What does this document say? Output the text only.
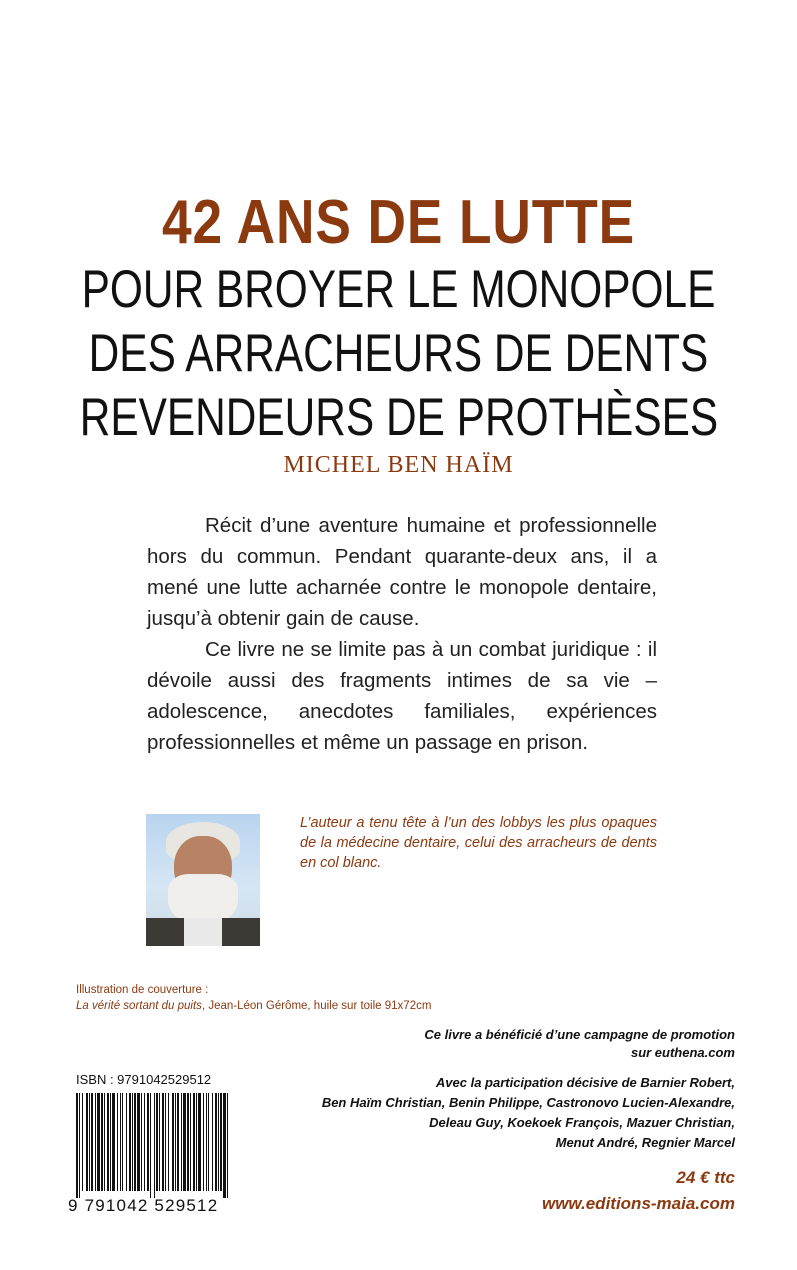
42 ANS DE LUTTE
POUR BROYER LE MONOPOLE
DES ARRACHEURS DE DENTS
REVENDEURS DE PROTHÈSES
MICHEL BEN HAÏM

Récit d’une aventure humaine et professionnelle hors du commun. Pendant quarante-deux ans, il a mené une lutte acharnée contre le monopole dentaire, jusqu’à obtenir gain de cause.

Ce livre ne se limite pas à un combat juridique : il dévoile aussi des fragments intimes de sa vie – adolescence, anecdotes familiales, expériences professionnelles et même un passage en prison.

L’auteur a tenu tête à l’un des lobbys les plus opaques de la médecine dentaire, celui des arracheurs de dents en col blanc.
Illustration de couverture :
La vérité sortant du puits, Jean-Léon Gérôme, huile sur toile 91x72cm
Ce livre a bénéficié d’une campagne de promotion
sur euthena.com
Avec la participation décisive de Barnier Robert,
Ben Haïm Christian, Benin Philippe, Castronovo Lucien-Alexandre,
Deleau Guy, Koekoek François, Mazuer Christian,
Menut André, Regnier Marcel
ISBN : 9791042529512
9 791042 529512
24 € ttc
www.editions-maia.com
